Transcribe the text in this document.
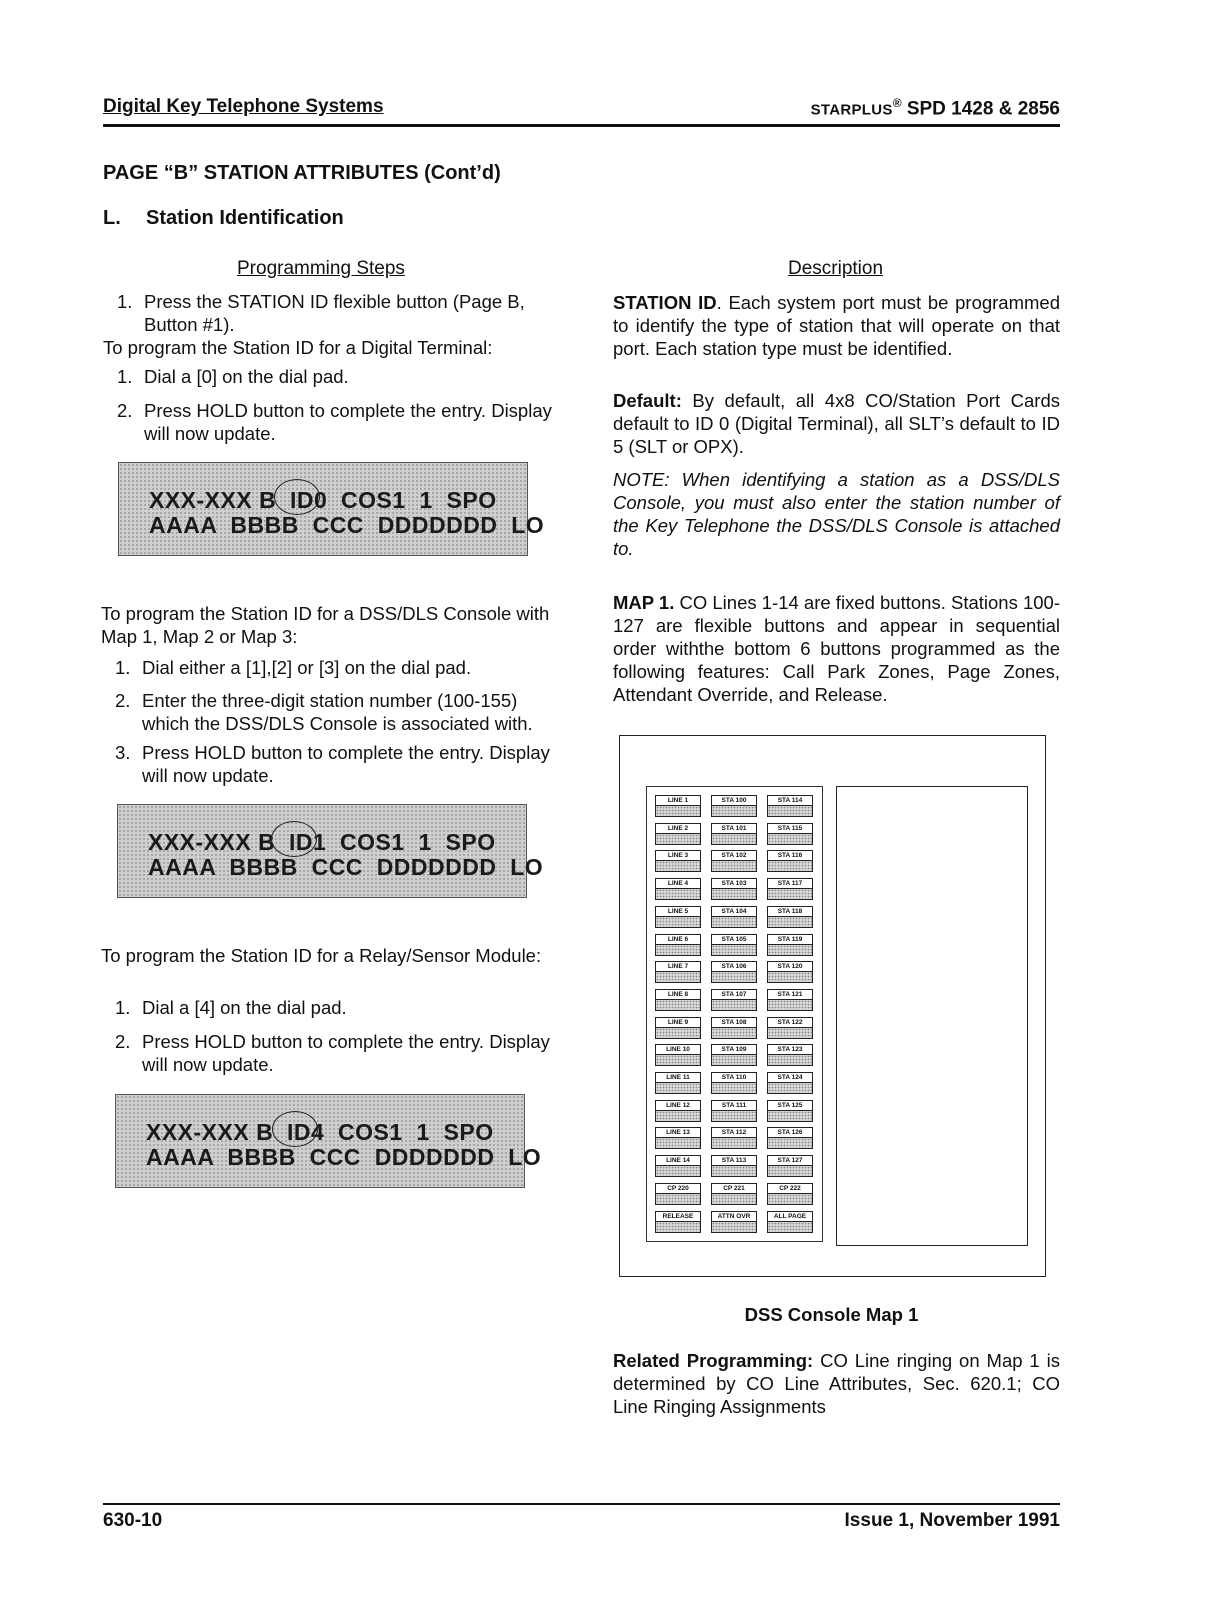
Digital Key Telephone Systems	STARPLUS® SPD 1428 & 2856
PAGE “B” STATION ATTRIBUTES (Cont’d)
L. Station Identification
Programming Steps
1. Press the STATION ID flexible button (Page B, Button #1).
To program the Station ID for a Digital Terminal:
1. Dial a [0] on the dial pad.
2. Press HOLD button to complete the entry. Display will now update.
XXX-XXX B  ID0  COS1  1  SPO
AAAA  BBBB  CCC  DDDDDDD  LO
To program the Station ID for a DSS/DLS Console with Map 1, Map 2 or Map 3:
1. Dial either a [1],[2] or [3] on the dial pad.
2. Enter the three-digit station number (100-155) which the DSS/DLS Console is associated with.
3. Press HOLD button to complete the entry. Display will now update.
XXX-XXX B  ID1  COS1  1  SPO
AAAA  BBBB  CCC  DDDDDDD  LO
To program the Station ID for a Relay/Sensor Module:
1. Dial a [4] on the dial pad.
2. Press HOLD button to complete the entry. Display will now update.
XXX-XXX B  ID4  COS1  1  SPO
AAAA  BBBB  CCC  DDDDDDD  LO
Description
STATION ID. Each system port must be programmed to identify the type of station that will operate on that port. Each station type must be identified.
Default: By default, all 4x8 CO/Station Port Cards default to ID 0 (Digital Terminal), all SLT’s default to ID 5 (SLT or OPX).
NOTE: When identifying a station as a DSS/DLS Console, you must also enter the station number of the Key Telephone the DSS/DLS Console is attached to.
MAP 1. CO Lines 1-14 are fixed buttons. Stations 100-127 are flexible buttons and appear in sequential order withthe bottom 6 buttons programmed as the following features: Call Park Zones, Page Zones, Attendant Override, and Release.
LINE 1
LINE 2
LINE 3
LINE 4
LINE 5
LINE 6
LINE 7
LINE 8
LINE 9
LINE 10
LINE 11
LINE 12
LINE 13
LINE 14
CP 220
RELEASE
STA 100
STA 101
STA 102
STA 103
STA 104
STA 105
STA 106
STA 107
STA 108
STA 109
STA 110
STA 111
STA 112
STA 113
CP 221
ATTN OVR
STA 114
STA 115
STA 116
STA 117
STA 118
STA 119
STA 120
STA 121
STA 122
STA 123
STA 124
STA 125
STA 126
STA 127
CP 222
ALL PAGE
DSS Console Map 1
Related Programming: CO Line ringing on Map 1 is determined by CO Line Attributes, Sec. 620.1; CO Line Ringing Assignments
630-10	Issue 1, November 1991
